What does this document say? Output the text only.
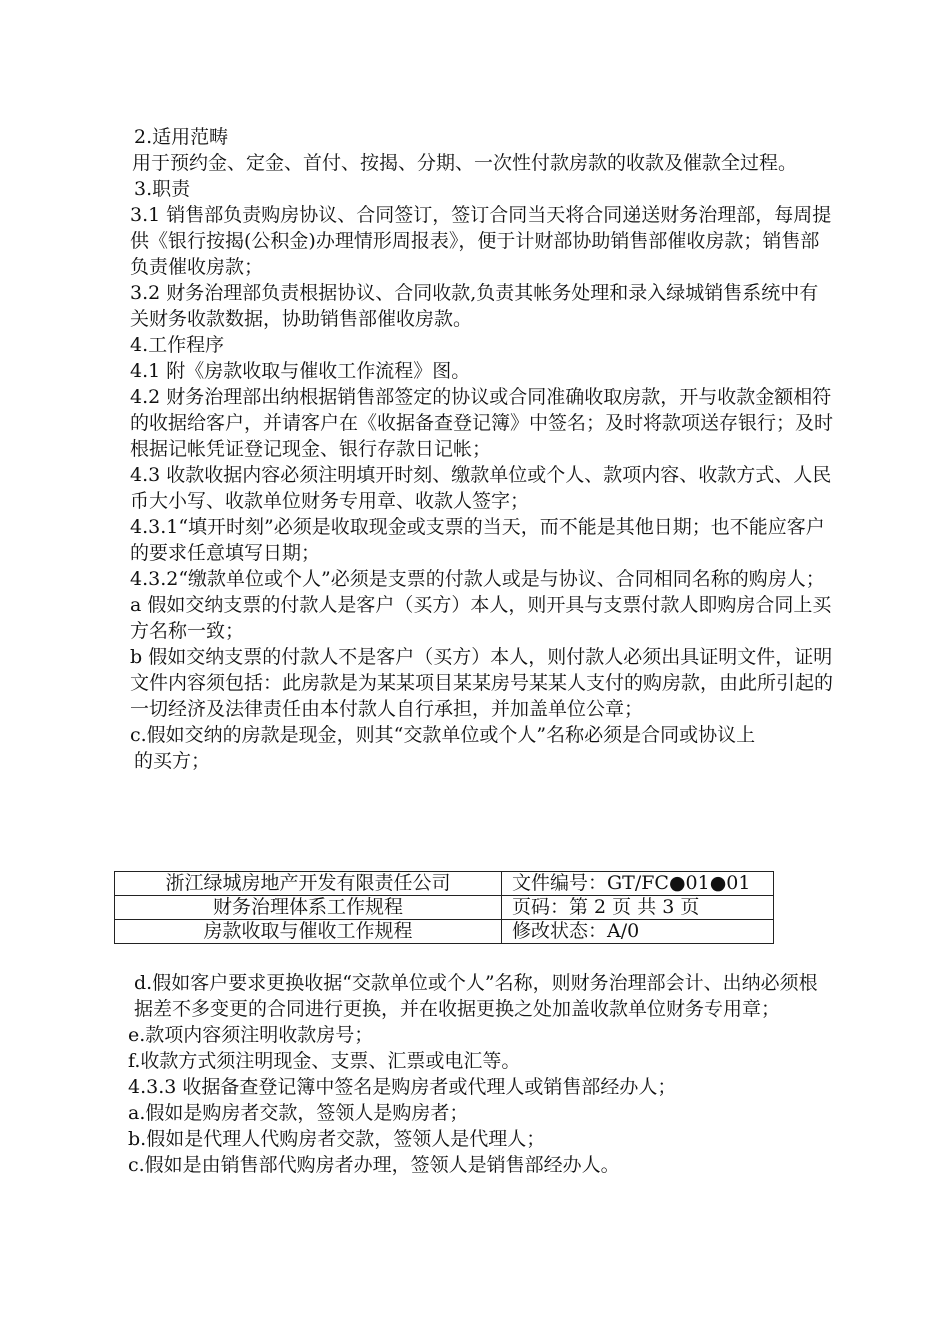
2.适用范畴

用于预约金、定金、首付、按揭、分期、一次性付款房款的收款及催款全过程。

3.职责

3.1 销售部负责购房协议、合同签订，签订合同当天将合同递送财务治理部，每周提供《银行按揭(公积金)办理情形周报表》，便于计财部协助销售部催收房款；销售部负责催收房款；

3.2 财务治理部负责根据协议、合同收款,负责其帐务处理和录入绿城销售系统中有关财务收款数据，协助销售部催收房款。

4.工作程序

4.1 附《房款收取与催收工作流程》图。

4.2 财务治理部出纳根据销售部签定的协议或合同准确收取房款，开与收款金额相符的收据给客户，并请客户在《收据备查登记簿》中签名；及时将款项送存银行；及时根据记帐凭证登记现金、银行存款日记帐；

4.3 收款收据内容必须注明填开时刻、缴款单位或个人、款项内容、收款方式、人民币大小写、收款单位财务专用章、收款人签字；

4.3.1“填开时刻”必须是收取现金或支票的当天，而不能是其他日期；也不能应客户的要求任意填写日期；

4.3.2“缴款单位或个人”必须是支票的付款人或是与协议、合同相同名称的购房人；

a 假如交纳支票的付款人是客户（买方）本人，则开具与支票付款人即购房合同上买方名称一致；

b 假如交纳支票的付款人不是客户（买方）本人，则付款人必须出具证明文件，证明文件内容须包括：此房款是为某某项目某某房号某某人支付的购房款，由此所引起的一切经济及法律责任由本付款人自行承担，并加盖单位公章；

c.假如交纳的房款是现金，则其“交款单位或个人”名称必须是合同或协议上

的买方；

浙江绿城房地产开发有限责任公司	文件编号：GT/FC●01●01
财务治理体系工作规程	页码：第 2 页 共 3 页
房款收取与催收工作规程	修改状态：A/0

d.假如客户要求更换收据“交款单位或个人”名称，则财务治理部会计、出纳必须根据差不多变更的合同进行更换，并在收据更换之处加盖收款单位财务专用章；

e.款项内容须注明收款房号；

f.收款方式须注明现金、支票、汇票或电汇等。

4.3.3 收据备查登记簿中签名是购房者或代理人或销售部经办人；

a.假如是购房者交款，签领人是购房者；

b.假如是代理人代购房者交款，签领人是代理人；

c.假如是由销售部代购房者办理，签领人是销售部经办人。
